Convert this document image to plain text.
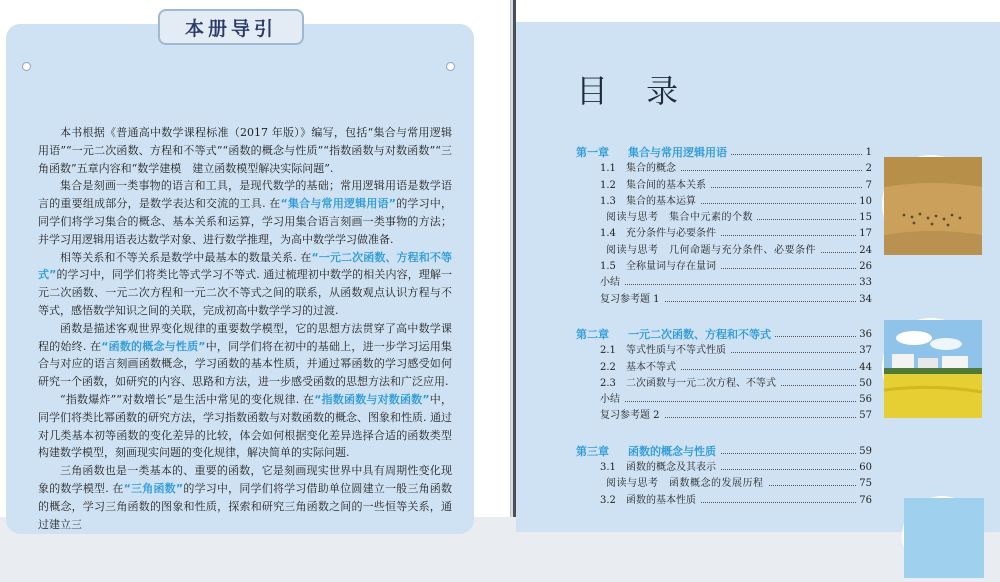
本册导引

本书根据《普通高中数学课程标准（2017 年版）》编写，包括“集合与常用逻辑用语”“一元二次函数、方程和不等式”“函数的概念与性质”“指数函数与对数函数”“三角函数”五章内容和“数学建模　建立函数模型解决实际问题”.

集合是刻画一类事物的语言和工具，是现代数学的基础；常用逻辑用语是数学语言的重要组成部分，是数学表达和交流的工具. 在“集合与常用逻辑用语”的学习中，同学们将学习集合的概念、基本关系和运算，学习用集合语言刻画一类事物的方法；并学习用逻辑用语表达数学对象、进行数学推理，为高中数学学习做准备.

相等关系和不等关系是数学中最基本的数量关系. 在“一元二次函数、方程和不等式”的学习中，同学们将类比等式学习不等式. 通过梳理初中数学的相关内容，理解一元二次函数、一元二次方程和一元二次不等式之间的联系，从函数观点认识方程与不等式，感悟数学知识之间的关联，完成初高中数学学习的过渡.

函数是描述客观世界变化规律的重要数学模型，它的思想方法贯穿了高中数学课程的始终. 在“函数的概念与性质”中，同学们将在初中的基础上，进一步学习运用集合与对应的语言刻画函数概念，学习函数的基本性质，并通过幂函数的学习感受如何研究一个函数，如研究的内容、思路和方法，进一步感受函数的思想方法和广泛应用.

“指数爆炸”“对数增长”是生活中常见的变化规律. 在“指数函数与对数函数”中，同学们将类比幂函数的研究方法，学习指数函数与对数函数的概念、图象和性质. 通过对几类基本初等函数的变化差异的比较，体会如何根据变化差异选择合适的函数类型构建数学模型，刻画现实问题的变化规律，解决简单的实际问题.

三角函数也是一类基本的、重要的函数，它是刻画现实世界中具有周期性变化现象的数学模型. 在“三角函数”的学习中，同学们将学习借助单位圆建立一般三角函数的概念，学习三角函数的图象和性质，探索和研究三角函数之间的一些恒等关系，通过建立三

目 录
第一章 集合与常用逻辑用语	1
1.1 集合的概念	2
1.2 集合间的基本关系	7
1.3 集合的基本运算	10
阅读与思考　集合中元素的个数	15
1.4 充分条件与必要条件	17
阅读与思考　几何命题与充分条件、必要条件	24
1.5 全称量词与存在量词	26
小结	33
复习参考题 1	34
第二章 一元二次函数、方程和不等式	36
2.1 等式性质与不等式性质	37
2.2 基本不等式	44
2.3 二次函数与一元二次方程、不等式	50
小结	56
复习参考题 2	57
第三章 函数的概念与性质	59
3.1 函数的概念及其表示	60
阅读与思考　函数概念的发展历程	75
3.2 函数的基本性质	76
